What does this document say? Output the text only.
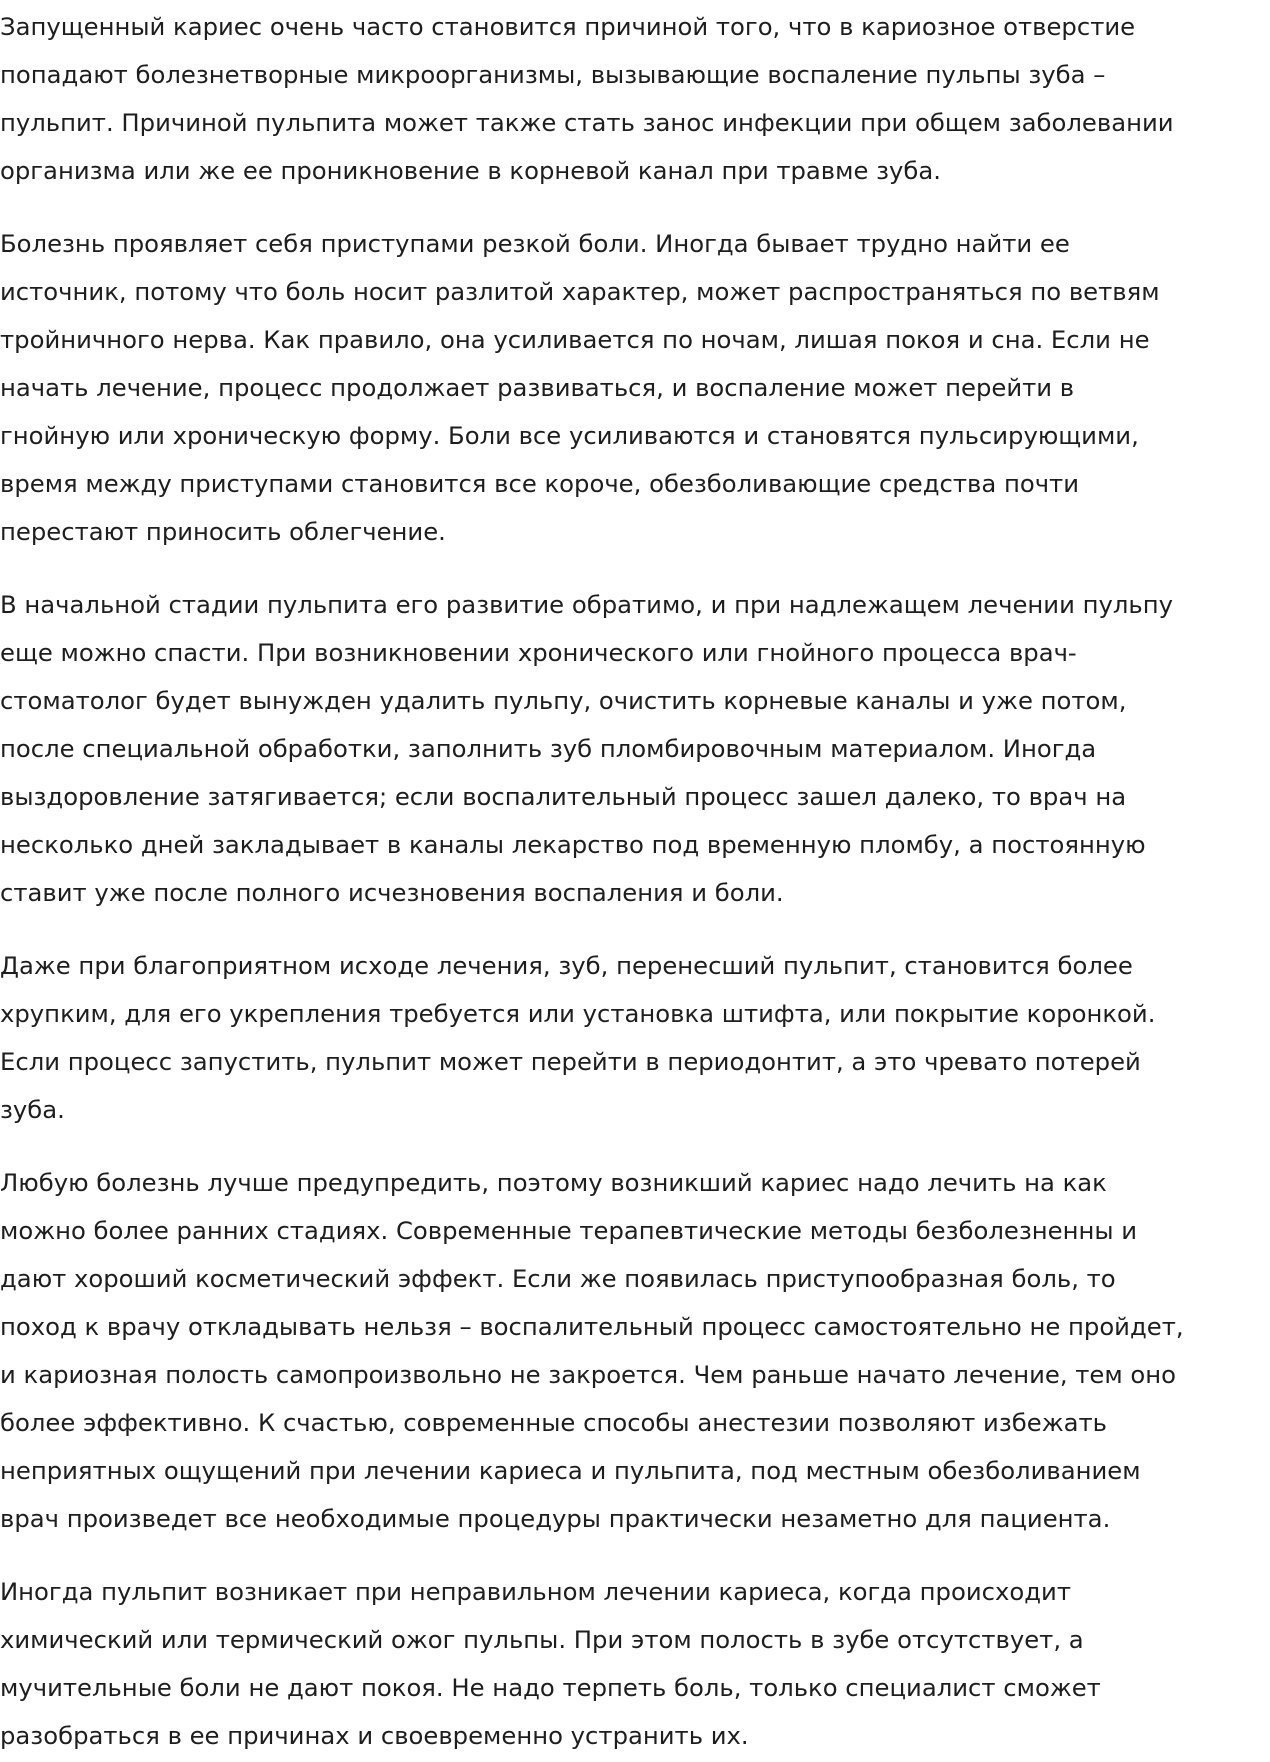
Запущенный кариес очень часто становится причиной того, что в кариозное отверстие
попадают болезнетворные микроорганизмы, вызывающие воспаление пульпы зуба –
пульпит. Причиной пульпита может также стать занос инфекции при общем заболевании
организма или же ее проникновение в корневой канал при травме зуба.

Болезнь проявляет себя приступами резкой боли. Иногда бывает трудно найти ее
источник, потому что боль носит разлитой характер, может распространяться по ветвям
тройничного нерва. Как правило, она усиливается по ночам, лишая покоя и сна. Если не
начать лечение, процесс продолжает развиваться, и воспаление может перейти в
гнойную или хроническую форму. Боли все усиливаются и становятся пульсирующими,
время между приступами становится все короче, обезболивающие средства почти
перестают приносить облегчение.

В начальной стадии пульпита его развитие обратимо, и при надлежащем лечении пульпу
еще можно спасти. При возникновении хронического или гнойного процесса врач-
стоматолог будет вынужден удалить пульпу, очистить корневые каналы и уже потом,
после специальной обработки, заполнить зуб пломбировочным материалом. Иногда
выздоровление затягивается; если воспалительный процесс зашел далеко, то врач на
несколько дней закладывает в каналы лекарство под временную пломбу, а постоянную
ставит уже после полного исчезновения воспаления и боли.

Даже при благоприятном исходе лечения, зуб, перенесший пульпит, становится более
хрупким, для его укрепления требуется или установка штифта, или покрытие коронкой.
Если процесс запустить, пульпит может перейти в периодонтит, а это чревато потерей
зуба.

Любую болезнь лучше предупредить, поэтому возникший кариес надо лечить на как
можно более ранних стадиях. Современные терапевтические методы безболезненны и
дают хороший косметический эффект. Если же появилась приступообразная боль, то
поход к врачу откладывать нельзя – воспалительный процесс самостоятельно не пройдет,
и кариозная полость самопроизвольно не закроется. Чем раньше начато лечение, тем оно
более эффективно. К счастью, современные способы анестезии позволяют избежать
неприятных ощущений при лечении кариеса и пульпита, под местным обезболиванием
врач произведет все необходимые процедуры практически незаметно для пациента.

Иногда пульпит возникает при неправильном лечении кариеса, когда происходит
химический или термический ожог пульпы. При этом полость в зубе отсутствует, а
мучительные боли не дают покоя. Не надо терпеть боль, только специалист сможет
разобраться в ее причинах и своевременно устранить их.
